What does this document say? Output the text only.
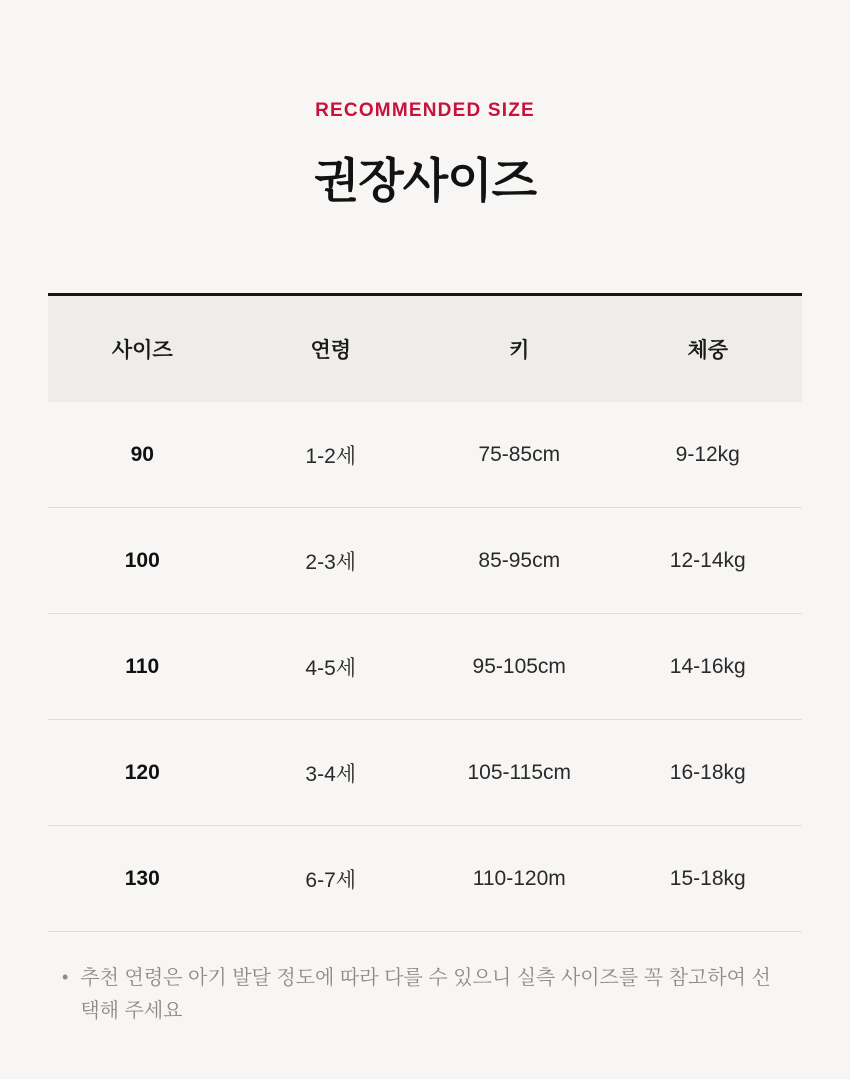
RECOMMENDED SIZE

권장사이즈
사이즈	연령	키	체중
90	1-2세	75-85cm	9-12kg
100	2-3세	85-95cm	12-14kg
110	4-5세	95-105cm	14-16kg
120	3-4세	105-115cm	16-18kg
130	6-7세	110-120m	15-18kg
• 추천 연령은 아기 발달 정도에 따라 다를 수 있으니 실측 사이즈를 꼭 참고하여 선택해 주세요
